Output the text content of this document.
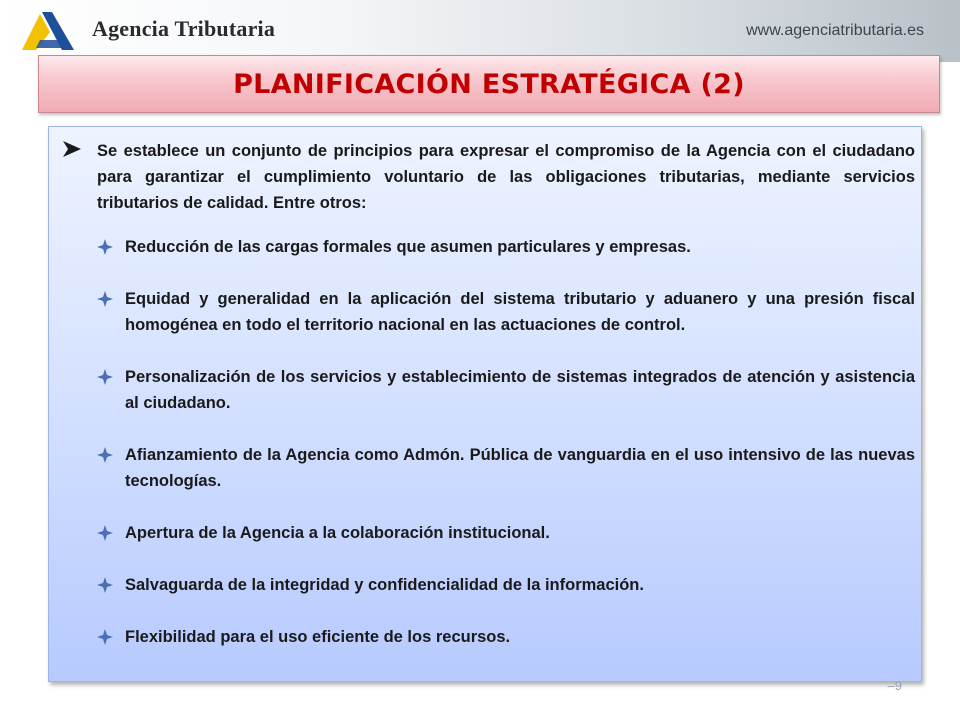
Agencia Tributaria	www.agenciatributaria.es
PLANIFICACIÓN ESTRATÉGICA (2)
Se establece un conjunto de principios para expresar el compromiso de la Agencia con el ciudadano para garantizar el cumplimiento voluntario de las obligaciones tributarias, mediante servicios tributarios de calidad. Entre otros:
Reducción de las cargas formales que asumen particulares y empresas.
Equidad y generalidad en la aplicación del sistema tributario y aduanero y una presión fiscal homogénea en todo el territorio nacional en las actuaciones de control.
Personalización de los servicios y establecimiento de sistemas integrados de atención y asistencia al ciudadano.
Afianzamiento de la Agencia como Admón. Pública de vanguardia en el uso intensivo de las nuevas tecnologías.
Apertura de la Agencia a la colaboración institucional.
Salvaguarda de la integridad y confidencialidad de la información.
Flexibilidad para el uso eficiente de los recursos.
–9
